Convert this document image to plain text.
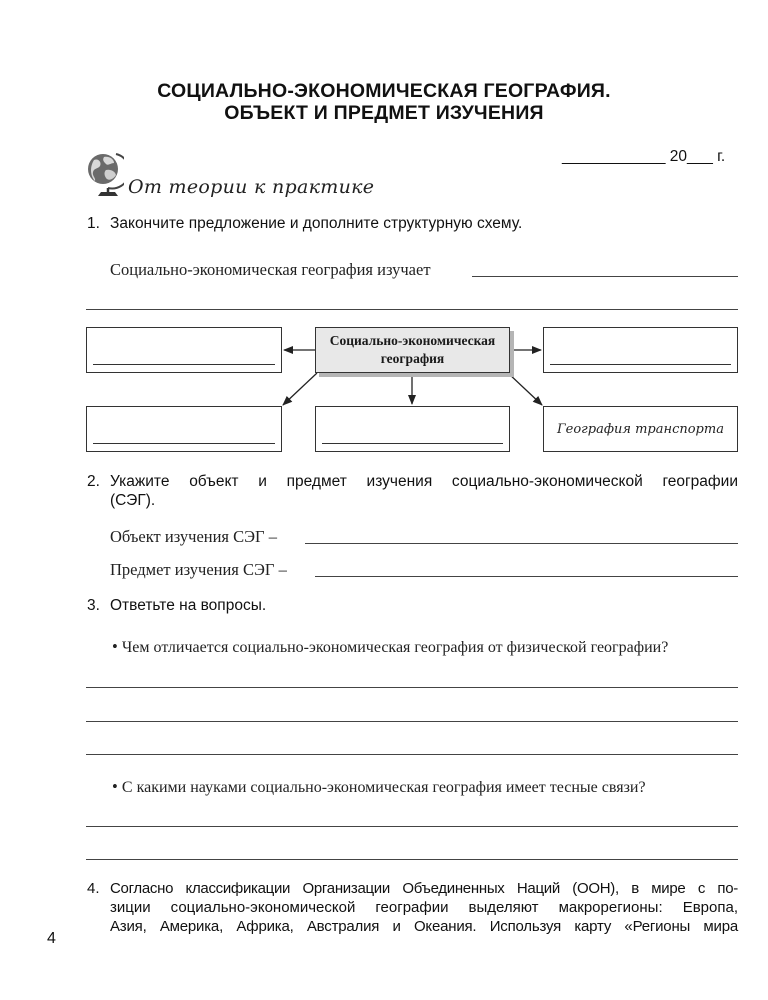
СОЦИАЛЬНО-ЭКОНОМИЧЕСКАЯ ГЕОГРАФИЯ.
ОБЪЕКТ И ПРЕДМЕТ ИЗУЧЕНИЯ
____________ 20___ г.
От теории к практике
1. Закончите предложение и дополните структурную схему.
Социально-экономическая география изучает
Социально-экономическая
география
География транспорта
2. Укажите объект и предмет изучения социально-экономической географии
(СЭГ).
Объект изучения СЭГ –
Предмет изучения СЭГ –
3. Ответьте на вопросы.
• Чем отличается социально-экономическая география от физической географии?
• С какими науками социально-экономическая география имеет тесные связи?
4. Согласно классификации Организации Объединенных Наций (ООН), в мире с по-
зиции социально-экономической географии выделяют макрорегионы: Европа,
Азия, Америка, Африка, Австралия и Океания. Используя карту «Регионы мира
4
